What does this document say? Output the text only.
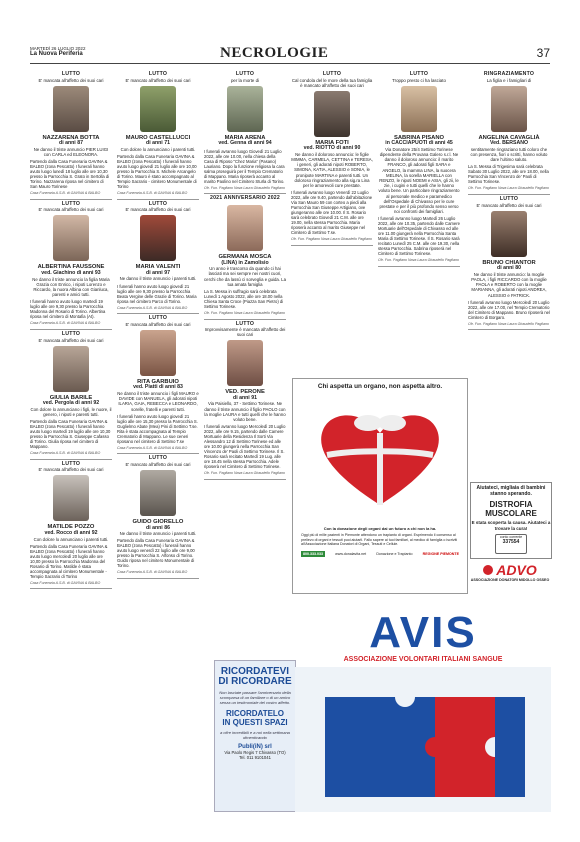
MARTEDÌ 26 LUGLIO 2022
La Nuova Periferia	NECROLOGIE	37
LUTTO
E' mancata all'affetto dei suoi cari
NAZZARENA BOTTA
di anni 87
Ne danno il triste annuncio PIER LUIGI con CARLA ed ELEONORA.
Partendo dalla Casa Funeraria GAVINA & BALBO (zona Pescatto) I funerali hanno avuto luogo lunedì 18 luglio alle ore 10,30 presso la Parrocchia S. Grato in Sertolla di Torino. Nazzarena riposa nel cimitero di San Mauro Torinese
Casa Funeraria A.S.B. di GAVINA & BALBO
LUTTO
E' mancata all'affetto dei suoi cari
ALBERTINA FAUSSONE
ved. Giachino di anni 93
Ne danno il triste annuncio la figlia Maria Grazia con Enrico, i nipoti Lorenzo e Riccardo, la nuora Albina con Gianluca, parenti e amici tutti.
I funerali hanno avuto luogo martedì 19 luglio alle ore 9,30 presso la Parrocchia Madonna del Rosario di Torino. Albertina riposa nel cimitero di Montafia (At).
Casa Funeraria A.S.B. di GAVINA & BALBO
LUTTO
E' mancata all'affetto dei suoi cari
GIULIA BARILE
ved. Pergola di anni 92
Con dolore lo annunciano i figli, le nuore, il genero, i nipoti e parenti tutti.
Partendo dalla Casa Funeraria GAVINA & BALBO (zona Pescatto) I funerali hanno avuto luogo martedì 19 luglio alle ore 10,30 presso la Parrocchia S. Giuseppe Cafasso di Torino. Giulia riposa nel cimitero di Mappano.
Casa Funeraria A.S.B. di GAVINA & BALBO
LUTTO
E' mancata all'affetto dei suoi cari
MATILDE POZZO
ved. Rocco di anni 92
Con dolore lo annunciano i parenti tutti.
Partendo dalla Casa Funeraria GAVINA & BALBO (zona Pescatto) I funerali hanno avuto luogo mercoledì 20 luglio alle ore 10,00 presso la Parrocchia Madonna del Rosario di Torino. Matilde è stata accompagnata al cimitero Monumentale - Tempio Sacrario di Torino
Casa Funeraria A.S.B. di GAVINA & BALBO
LUTTO
E' mancato all'affetto dei suoi cari
MAURO CASTELLUCCI
di anni 71
Con dolore lo annunciano i parenti tutti.
Partendo dalla Casa Funeraria GAVINA & BALBO (zona Pescatto) I funerali hanno avuto luogo giovedì 21 luglio alle ore 10,00 presso la Parrocchia S. Michele Arcangelo di Torino. Mauro è stato accompagnato al Tempio Sacrario - cimitero Monumentale di Torino
Casa Funeraria A.S.B. di GAVINA & BALBO
LUTTO
E' mancata all'affetto dei suoi cari
MARIA VALENTI
di anni 97
Ne danno il triste annuncio i parenti tutti.
I funerali hanno avuto luogo giovedì 21 luglio alle ore 9,30 presso la Parrocchia Beata Vergine delle Grazie di Torino. Maria riposa nel cimitero Parco di Torino.
Casa Funeraria A.S.B. di GAVINA & BALBO
LUTTO
E' mancata all'affetto dei suoi cari
RITA GARBUIO
ved. Piatti di anni 83
Ne danno il triste annuncio i figli MAURO e DAVIDE con MANUELA, gli adorati nipoti ILARIA, GAIA, REBECCA e LEONARDO, sorelle, fratelli e parenti tutti.
I funerali hanno avuto luogo giovedì 21 luglio alle ore 15,30 presso la Parrocchia S. Guglielmo Abate (Mea) Pini di Settimo T.se. Rita è stata accompagnata al Tempio Crematorio di Mappano. Le sue ceneri riposano nel cimitero di Settimo T.se
Casa Funeraria A.S.B. di GAVINA & BALBO
LUTTO
E' mancato all'affetto dei suoi cari
GUIDO GIORELLO
di anni 86
Ne danno il triste annuncio i parenti tutti.
Partendo dalla Casa Funeraria GAVINA & BALBO (zona Pescatto) i funerali hanno avuto luogo venerdì 22 luglio alle ore 9,00 presso la Parrocchia S. Alfonso di Torino. Guido riposa nel cimitero Monumentale di Torino.
Casa Funeraria A.S.B. di GAVINA & BALBO
LUTTO
per la morte di
MARIA ARENA
ved. Genna di anni 94
I funerali avranno luogo Giovedì 21 Luglio 2022, alle ore 10.00, nella chiesa della Casa di Riposo "Chez Maria" (Pasano) Lauriano. Dopo la funzione religiosa la cara salma proseguirà per il Tempio Crematorio di Mappano. Maria riposerà accanto al marito Paolino nel Cimitero Sturla di Torino.
Ofr. Fun. Pagliano Nava Laura Giraudello Pagliano
2021 ANNIVERSARIO 2022
GERMANA MOSCA
(LINA) in Zamolisio
Un anno è trascorso da quando ci hai lasciati ma sei sempre nei nostri cuori, cerchi che da lassù ci sorveglia e guida. La tua amata famiglia
La S. Messa in suffragio sarà celebrata Lunedì 1 Agosto 2022, alle ore 18.00 nella Chiesa Santa Croce (Piazza San Pietro) di Settimo Torinese.
Ofr. Fun. Pagliano Nava Laura Giraudello Pagliano
LUTTO
Improvvisamente è mancata all'affetto dei suoi cari
VED. PERONE
di anni 91
Via Paisiello, 37 - Settimo Torinese. Ne danno il triste annuncio il figlio PAOLO con la moglie LAURA e tutti quelli che le hanno voluto bene.
I funerali avranno luogo Mercoledì 20 Luglio 2022, alle ore 9.15, partendo dalle Camere Mortuarie della Residenza Il Sorti Via Alessandro 12 di Settimo Torinese ed alle ore 10.00 giungerà nella Parrocchia San Vincenzo de' Paoli di Settimo Torinese. Il S. Rosario sarà recitato Martedì 19 Lug. alle ore 18.45 nella stessa Parrocchia. Adele riposerà nel Cimitero di Settimo Torinese.
Ofr. Fun. Pagliano Nava Laura Giraudello Pagliano
LUTTO
Cal condola del le more della tua famiglia è mancato all'affetto dei suoi cari
MARIA FOTI
ved. RIOTTO di anni 90
Ne danno il doloroso annuncio: le figlie MIMMA, CARMELA, CETTINA e TERESA, i generi, gli adorati nipoti ROBERTO, SIMONA, KATIA, ALESSIO e SONIA, le pronipote MARTINA e parenti tutti. Un doloroso ringraziamento alla sig.ra Lina per le amorevoli cure prestate.
I funerali avranno luogo Venerdì 22 Luglio 2022, alle ore 9.40, partendo dall'abitazione Via San Mauro 59 con corteo a piedi alla Parrocchia San Giuseppe Artigiano, ove giungeranno alle ore 10.00. Il S. Rosario sarà celebrato Giovedì 21 C.M. alle ore 19.00, nella stessa Parrocchia. Maria riposerà accanto al marito Giuseppe nel Cimitero di Settimo T.se.
Ofr. Fun. Pagliano Nava Laura Giraudello Pagliano
LUTTO
Troppo presto ci ha lasciato
SABRINA PISANO
in CACCIAPUOTI di anni 45
Via Donatore 25/4 Settimo Torinese dipendente della Provana Galero s.r.l. Ne danno il doloroso annuncio: il marito FRANCO, gli adorati figli SARA e ANGELO, la mamma LINA, la suocera MELINA, la sorella MARIELLA con RENZO, le nipoti NOEMI e ASIA, gli zii, le zie, i cugini e tutti quelli che le hanno voluto bene. Un particolare ringraziamento al personale medico e paramedico dell'Ospedale di Chivasso per le cure prestate e per il più profondo senso verso noi confronti dei famigliari.
I funerali avranno luogo Martedì 26 Luglio 2022, alle ore 10.35, partendo dalle Camere Mortuarie dell'Ospedale di Chivasso ed alle ore 11.00 giungerà nella Parrocchia Santa Maria di Settimo Torinese. Il S. Rosario sarà recitato Lunedì 25 C.M. alle ore 19.30, nella stessa Parrocchia. Sabrina riposerà nel Cimitero di Settimo Torinese.
Ofr. Fun. Pagliano Nava Laura Giraudello Pagliano
RINGRAZIAMENTO
La figlia e i famigliari di
ANGELINA CAVAGLIÀ
Ved. BERSANO
sentitamente ringraziano tutti coloro che con presenza, fiori o scritti, hanno voluto dare l'ultimo saluto.
La S. Messa di Trigesima sarà celebrata Sabato 30 Luglio 2022, alle ore 18.00, nella Parrocchia San Vincenzo de' Paoli di Settimo Torinese.
Ofr. Fun. Pagliano Nava Laura Giraudello Pagliano
LUTTO
E' mancato all'affetto dei suoi cari
BRUNO CHIANTOR
di anni 80
Ne danno il triste annuncio: la moglie PAOLA, i figli RICCARDO con la moglie PAOLA e ROBERTO con la moglie MARIANNA, gli adorati nipoti ANDREA, ALESSIO e PATRICK.
I funerali avranno luogo Mercoledì 20 Luglio 2022, alle ore 17.00, nel Tempio Crematorio del Cimitero di Mappano. Bruno riposerà nel Cimitero di Borgaro.
Ofr. Fun. Pagliano Nava Laura Giraudello Pagliano
Chi aspetta un organo, non aspetta altro.
Con la donazione degli organi dai un futuro a chi non la ha.
Oggi più di mille pazienti in Piemonte attendono un trapianto di organi. Esprimendo il consenso al prelievo di organi e tessuti puoi aiutarli. Fallo sapere ai tuoi familiari, al medico di famiglia o iscriviti all'Associazione Italiana Donatori di Organi, Tessuti e Cellule.
800.333.033	www.donalavita.net	Donazione e Trapianto	REGIONE PIEMONTE
Aiutateci, migliaia di bambini stanno sperando.
DISTROFIA MUSCOLARE
E stata scoperta la causa. Aiutateci a trovare la cura!
conto corrente
337554
ADVO
ASSOCIAZIONE DONATORI MIDOLLO OSSEO
RICORDATEVI
DI RICORDARE
Non lasciate passare l'anniversario della scomparsa di un familiare o di un amico senza un testimoniale del vostro affetto.
RICORDATELO
IN QUESTI SPAZI
a cifre incredibili e a noi nella settimana dimenticando
Publi(iN) srl
Via Paolo Regis 7 Chivasso (TO)
Tel. 011 9101041
AVIS
ASSOCIAZIONE VOLONTARI ITALIANI SANGUE
